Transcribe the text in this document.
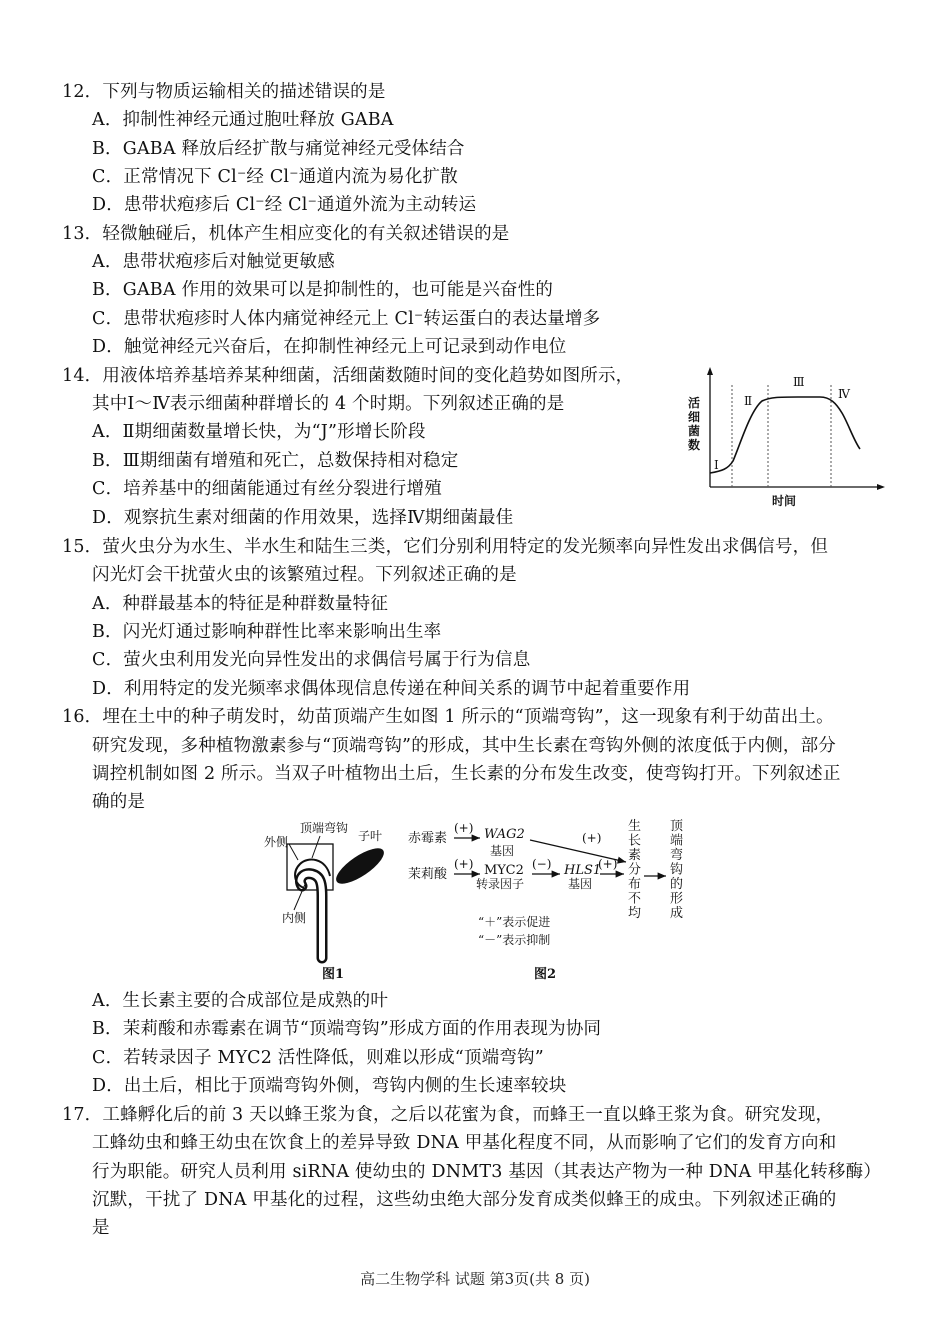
12．下列与物质运输相关的描述错误的是
A．抑制性神经元通过胞吐释放 GABA
B．GABA 释放后经扩散与痛觉神经元受体结合
C．正常情况下 Cl⁻经 Cl⁻通道内流为易化扩散
D．患带状疱疹后 Cl⁻经 Cl⁻通道外流为主动转运
13．轻微触碰后，机体产生相应变化的有关叙述错误的是
A．患带状疱疹后对触觉更敏感
B．GABA 作用的效果可以是抑制性的，也可能是兴奋性的
C．患带状疱疹时人体内痛觉神经元上 Cl⁻转运蛋白的表达量增多
D．触觉神经元兴奋后，在抑制性神经元上可记录到动作电位
14．用液体培养基培养某种细菌，活细菌数随时间的变化趋势如图所示，
其中Ⅰ～Ⅳ表示细菌种群增长的 4 个时期。下列叙述正确的是
A．Ⅱ期细菌数量增长快，为“J”形增长阶段
B．Ⅲ期细菌有增殖和死亡，总数保持相对稳定
C．培养基中的细菌能通过有丝分裂进行增殖
D．观察抗生素对细菌的作用效果，选择Ⅳ期细菌最佳
I
Ⅱ
Ⅲ
Ⅳ
活 细 菌 数
时间
15．萤火虫分为水生、半水生和陆生三类，它们分别利用特定的发光频率向异性发出求偶信号，但
闪光灯会干扰萤火虫的该繁殖过程。下列叙述正确的是
A．种群最基本的特征是种群数量特征
B．闪光灯通过影响种群性比率来影响出生率
C．萤火虫利用发光向异性发出的求偶信号属于行为信息
D．利用特定的发光频率求偶体现信息传递在种间关系的调节中起着重要作用
16．埋在土中的种子萌发时，幼苗顶端产生如图 1 所示的“顶端弯钩”，这一现象有利于幼苗出土。
研究发现，多种植物激素参与“顶端弯钩”的形成，其中生长素在弯钩外侧的浓度低于内侧，部分
调控机制如图 2 所示。当双子叶植物出土后，生长素的分布发生改变，使弯钩打开。下列叙述正
确的是
外侧
顶端弯钩
子叶
内侧
图1
赤霉素
(+) WAG2
基因
(+)
茉莉酸
(+) MYC2
转录因子
(−) HLS1
基因
(+)
生长素分布不均
顶端弯钩的形成
“＋”表示促进
“－”表示抑制
图2
A．生长素主要的合成部位是成熟的叶
B．茉莉酸和赤霉素在调节“顶端弯钩”形成方面的作用表现为协同
C．若转录因子 MYC2 活性降低，则难以形成“顶端弯钩”
D．出土后，相比于顶端弯钩外侧，弯钩内侧的生长速率较块
17．工蜂孵化后的前 3 天以蜂王浆为食，之后以花蜜为食，而蜂王一直以蜂王浆为食。研究发现，
工蜂幼虫和蜂王幼虫在饮食上的差异导致 DNA 甲基化程度不同，从而影响了它们的发育方向和
行为职能。研究人员利用 siRNA 使幼虫的 DNMT3 基因（其表达产物为一种 DNA 甲基化转移酶）
沉默，干扰了 DNA 甲基化的过程，这些幼虫绝大部分发育成类似蜂王的成虫。下列叙述正确的
是
高二生物学科 试题 第3页(共 8 页)
